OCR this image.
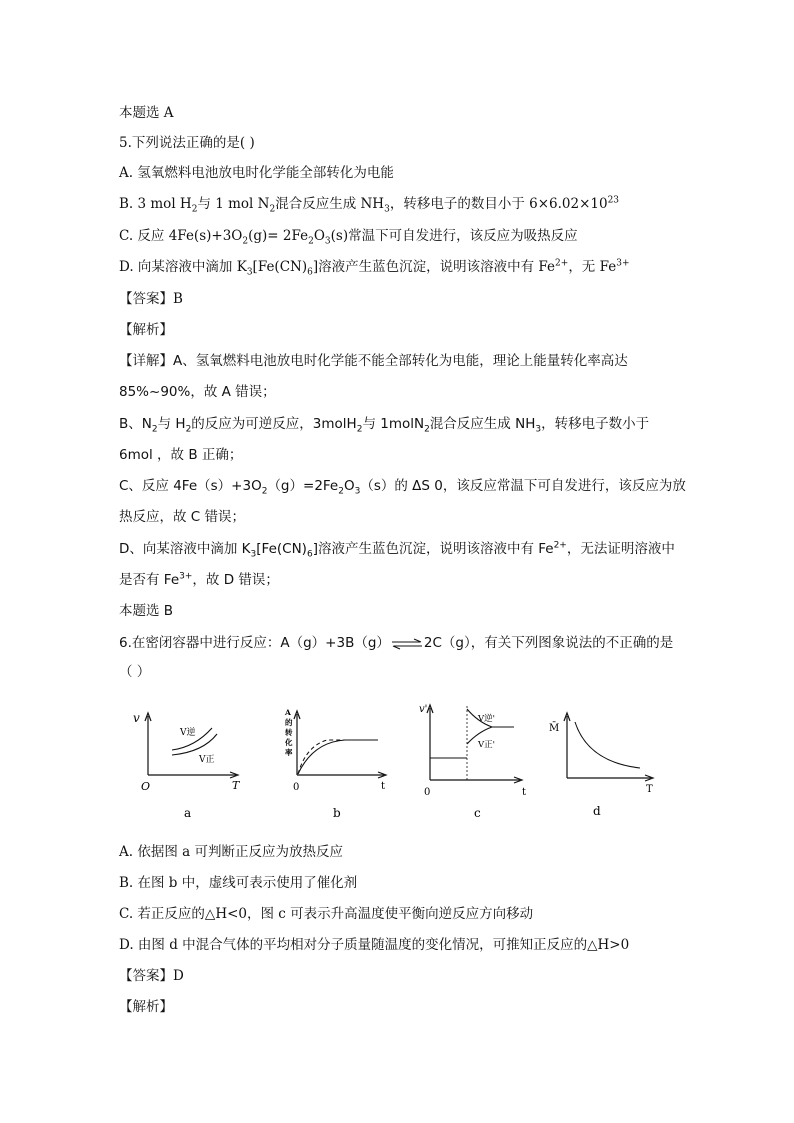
本题选 A
5.下列说法正确的是( )
A. 氢氧燃料电池放电时化学能全部转化为电能
B. 3 mol $H_2$与 1 mol $N_2$混合反应生成 $NH_3$，转移电子的数目小于 $6\times 6.02\times 10^{23}$
C. 反应 $4Fe(s)+3O_2(g)= 2Fe_2O_3(s)$常温下可自发进行，该反应为吸热反应
D. 向某溶液中滴加 $K_3[Fe(CN)_6]$溶液产生蓝色沉淀，说明该溶液中有 $Fe^{2+}$，无 $Fe^{3+}$
【答案】B
【解析】
【详解】A、氢氧燃料电池放电时化学能不能全部转化为电能，理论上能量转化率高达
85%~90%，故 A 错误；
B、$N_2$与 $H_2$的反应为可逆反应，3molH$_2$与 1molN$_2$混合反应生成 $NH_3$，转移电子数小于
6mol ，故 B 正确；
C、反应 $4Fe(s)+3O_2(g)=2Fe_2O_3(s)$的 ΔS 0，该反应常温下可自发进行，该反应为放
热反应，故 C 错误；
D、向某溶液中滴加 $K_3[Fe(CN)_6]$溶液产生蓝色沉淀，说明该溶液中有 $Fe^{2+}$，无法证明溶液中
是否有 $Fe^{3+}$，故 D 错误；
本题选 B
6.在密闭容器中进行反应：A（g）+3B（g）⇌2C（g），有关下列图象说法的不正确的是
（ ）
A. 依据图 a 可判断正反应为放热反应
B. 在图 b 中，虚线可表示使用了催化剂
C. 若正反应的△H<0，图 c 可表示升高温度使平衡向逆反应方向移动
D. 由图 d 中混合气体的平均相对分子质量随温度的变化情况，可推知正反应的△H>0
【答案】D
【解析】
v
T
O
V逆
V正
a
A
的
转
化
率
t
0
b
v'
t
0
V逆'
V正'
c
M̄
T
d
